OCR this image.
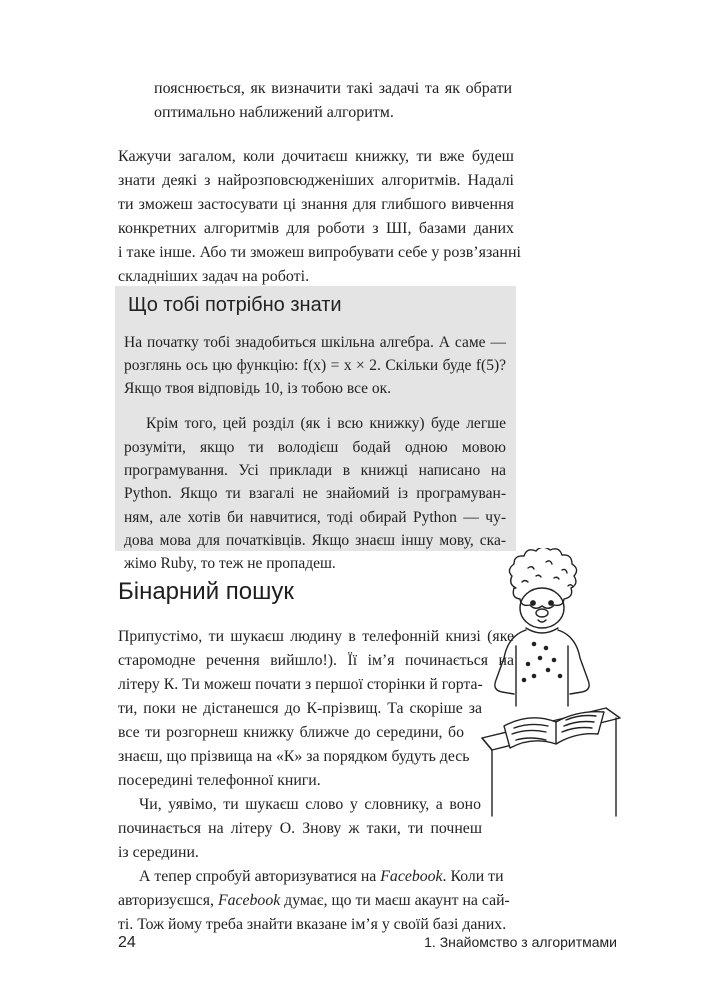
пояснюється, як визначити такі задачі та як обрати
оптимально наближений алгоритм.
Кажучи загалом, коли дочитаєш книжку, ти вже будеш
знати деякі з найрозповсюдженіших алгоритмів. Надалі
ти зможеш застосувати ці знання для глибшого вивчення
конкретних алгоритмів для роботи з ШІ, базами даних
і таке інше. Або ти зможеш випробувати себе у розв’язанні
складніших задач на роботі.
Що тобі потрібно знати
На початку тобі знадобиться шкільна алгебра. А саме —
розглянь ось цю функцію: f(x) = x × 2. Скільки буде f(5)?
Якщо твоя відповідь 10, із тобою все ок.
Крім того, цей розділ (як і всю книжку) буде легше
розуміти, якщо ти володієш бодай одною мовою
програмування. Усі приклади в книжці написано на
Python. Якщо ти взагалі не знайомий із програмуван-
ням, але хотів би навчитися, тоді обирай Python — чу-
дова мова для початківців. Якщо знаєш іншу мову, ска-
жімо Ruby, то теж не пропадеш.
Бінарний пошук
Припустімо, ти шукаєш людину в телефонній книзі (яке
старомодне речення вийшло!). Її ім’я починається на
літеру К. Ти можеш почати з першої сторінки й горта-
ти, поки не дістанешся до К-прізвищ. Та скоріше за
все ти розгорнеш книжку ближче до середини, бо
знаєш, що прізвища на «К» за порядком будуть десь
посередині телефонної книги.
Чи, уявімо, ти шукаєш слово у словнику, а воно
починається на літеру О. Знову ж таки, ти почнеш
із середини.
А тепер спробуй авторизуватися на Facebook. Коли ти
авторизуєшся, Facebook думає, що ти маєш акаунт на сай-
ті. Тож йому треба знайти вказане ім’я у своїй базі даних.
24	1. Знайомство з алгоритмами
